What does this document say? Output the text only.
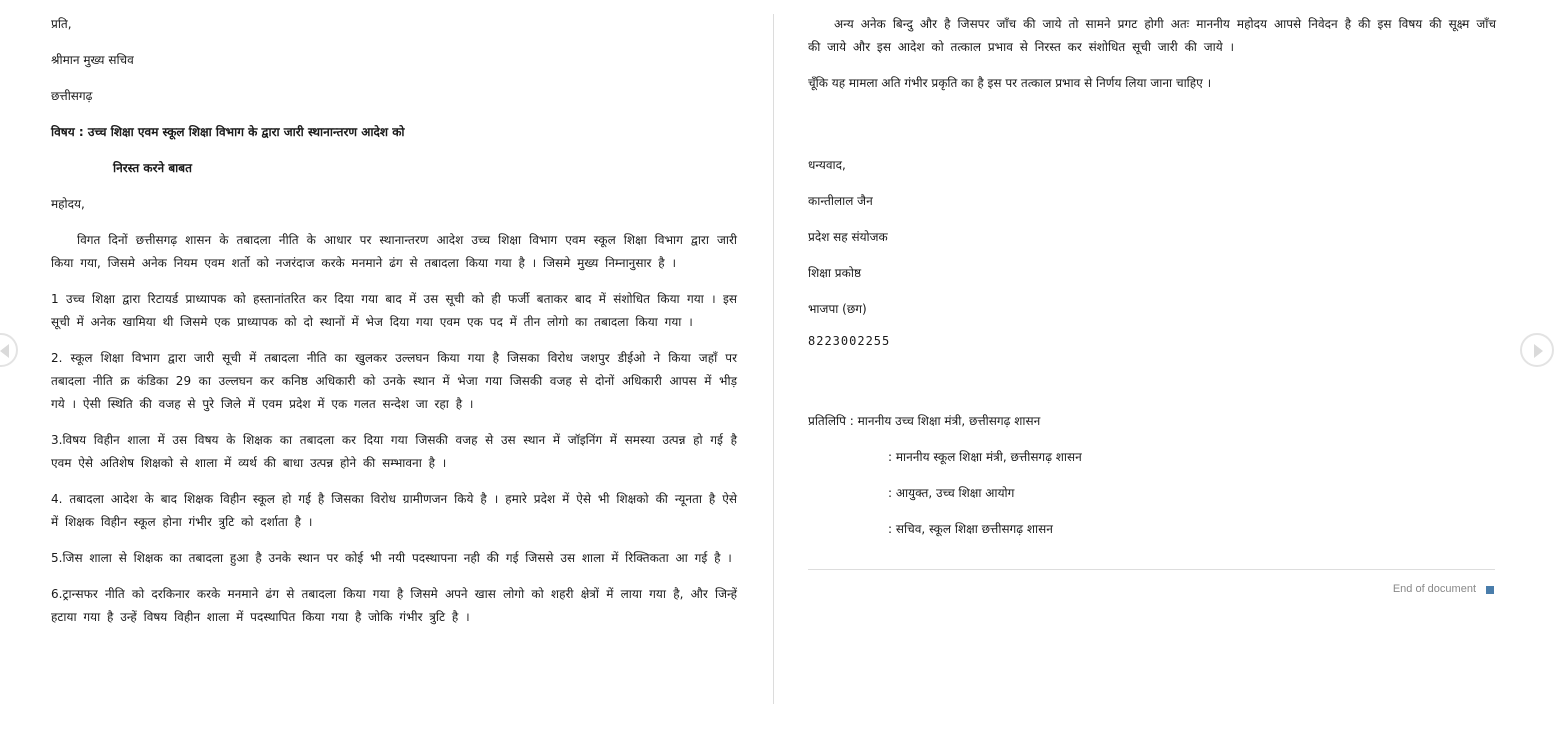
प्रति,

श्रीमान मुख्य सचिव

छत्तीसगढ़

विषय : उच्च शिक्षा एवम स्कूल शिक्षा विभाग के द्वारा जारी स्थानान्तरण आदेश को

निरस्त करने बाबत

महोदय,

विगत दिनों छत्तीसगढ़ शासन के तबादला नीति के आधार पर स्थानान्तरण आदेश उच्च शिक्षा विभाग एवम स्कूल शिक्षा विभाग द्वारा जारी किया गया, जिसमे अनेक नियम एवम शर्तो को नजरंदाज करके मनमाने ढंग से तबादला किया गया है । जिसमे मुख्य निम्नानुसार है ।

1 उच्च शिक्षा द्वारा रिटायर्ड प्राध्यापक को हस्तानांतरित कर दिया गया बाद में उस सूची को ही फर्जी बताकर बाद में संशोधित किया गया । इस सूची में अनेक खामिया थी जिसमे एक प्राध्यापक को दो स्थानों में भेज दिया गया एवम एक पद में तीन लोगो का तबादला किया गया ।

2. स्कूल शिक्षा विभाग द्वारा जारी सूची में तबादला नीति का खुलकर उल्लघन किया गया है जिसका विरोध जशपुर डीईओ ने किया जहाँ पर तबादला नीति क्र कंडिका 29 का उल्लघन कर कनिष्ठ अधिकारी को उनके स्थान में भेजा गया जिसकी वजह से दोनों अधिकारी आपस में भीड़ गये । ऐसी स्थिति की वजह से पुरे जिले में एवम प्रदेश में एक गलत सन्देश जा रहा है ।

3.विषय विहीन शाला में उस विषय के शिक्षक का तबादला कर दिया गया जिसकी वजह से उस स्थान में जॉइनिंग में समस्या उत्पन्न हो गई है एवम ऐसे अतिशेष शिक्षको से शाला में व्यर्थ की बाधा उत्पन्न होने की सम्भावना है ।

4. तबादला आदेश के बाद शिक्षक विहीन स्कूल हो गई है जिसका विरोध ग्रामीणजन किये है । हमारे प्रदेश में ऐसे भी शिक्षको की न्यूनता है ऐसे में शिक्षक विहीन स्कूल होना गंभीर त्रुटि को दर्शाता है ।

5.जिस शाला से शिक्षक का तबादला हुआ है उनके स्थान पर कोई भी नयी पदस्थापना नही की गई जिससे उस शाला में रिक्तिकता आ गई है ।

6.ट्रान्सफर नीति को दरकिनार करके मनमाने ढंग से तबादला किया गया है जिसमे अपने खास लोगो को शहरी क्षेत्रों में लाया गया है, और जिन्हें हटाया गया है उन्हें विषय विहीन शाला में पदस्थापित किया गया है जोकि गंभीर त्रुटि है ।

अन्य अनेक बिन्दु और है जिसपर जाँच की जाये तो सामने प्रगट होगी अतः माननीय महोदय आपसे निवेदन है की इस विषय की सूक्ष्म जाँच की जाये और इस आदेश को तत्काल प्रभाव से निरस्त कर संशोधित सूची जारी की जाये ।

चूँकि यह मामला अति गंभीर प्रकृति का है इस पर तत्काल प्रभाव से निर्णय लिया जाना चाहिए ।

धन्यवाद,

कान्तीलाल जैन

प्रदेश सह संयोजक

शिक्षा प्रकोष्ठ

भाजपा (छग)

8223002255

प्रतिलिपि : माननीय उच्च शिक्षा मंत्री, छत्तीसगढ़ शासन

: माननीय स्कूल शिक्षा मंत्री, छत्तीसगढ़ शासन

: आयुक्त, उच्च शिक्षा आयोग

: सचिव, स्कूल शिक्षा छत्तीसगढ़ शासन

End of document
